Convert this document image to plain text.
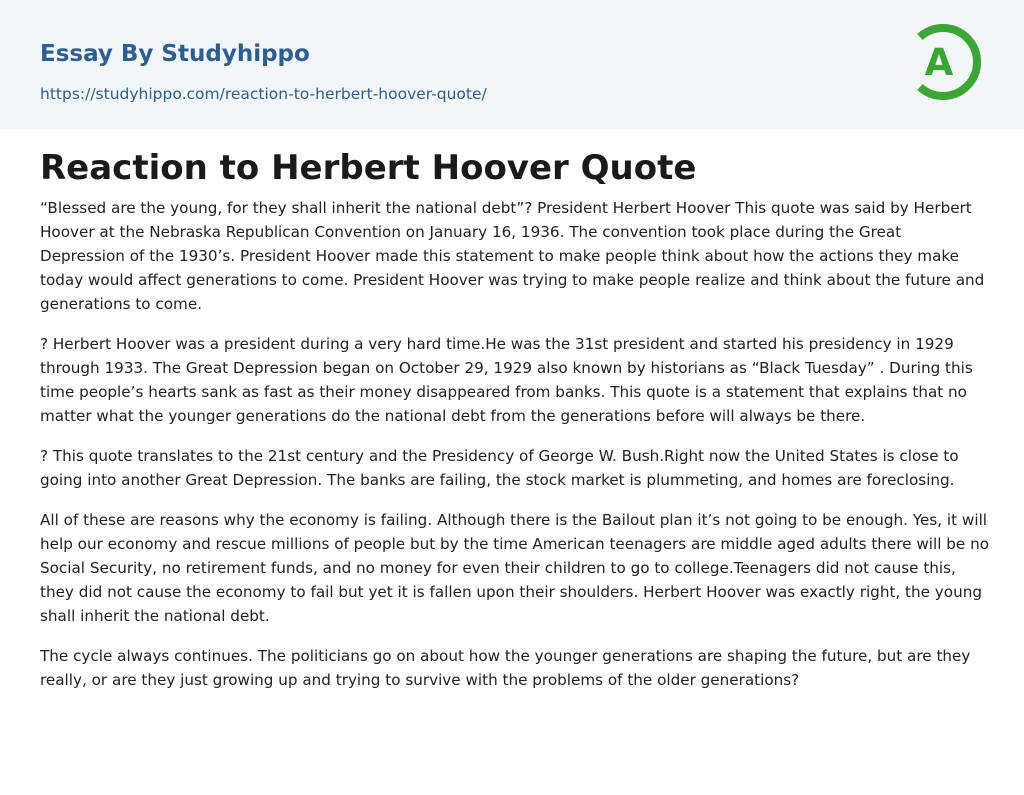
Essay By Studyhippo
https://studyhippo.com/reaction-to-herbert-hoover-quote/
A
Reaction to Herbert Hoover Quote

“Blessed are the young, for they shall inherit the national debt”? President Herbert Hoover This quote was said by Herbert Hoover at the Nebraska Republican Convention on January 16, 1936. The convention took place during the Great Depression of the 1930’s. President Hoover made this statement to make people think about how the actions they make today would affect generations to come. President Hoover was trying to make people realize and think about the future and generations to come.

? Herbert Hoover was a president during a very hard time.He was the 31st president and started his presidency in 1929 through 1933. The Great Depression began on October 29, 1929 also known by historians as “Black Tuesday” . During this time people’s hearts sank as fast as their money disappeared from banks. This quote is a statement that explains that no matter what the younger generations do the national debt from the generations before will always be there.

? This quote translates to the 21st century and the Presidency of George W. Bush.Right now the United States is close to going into another Great Depression. The banks are failing, the stock market is plummeting, and homes are foreclosing.

All of these are reasons why the economy is failing. Although there is the Bailout plan it’s not going to be enough. Yes, it will help our economy and rescue millions of people but by the time American teenagers are middle aged adults there will be no Social Security, no retirement funds, and no money for even their children to go to college.Teenagers did not cause this, they did not cause the economy to fail but yet it is fallen upon their shoulders. Herbert Hoover was exactly right, the young shall inherit the national debt.

The cycle always continues. The politicians go on about how the younger generations are shaping the future, but are they really, or are they just growing up and trying to survive with the problems of the older generations?
